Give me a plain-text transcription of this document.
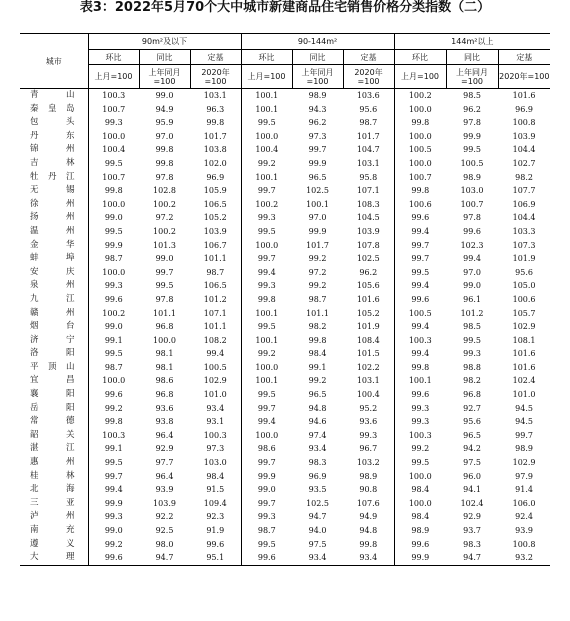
表3：2022年5月70个大中城市新建商品住宅销售价格分类指数（二）
城市	90m²及以下			90-144m²			144m²以上		
	环比	同比	定基	环比	同比	定基	环比	同比	定基
	上月=100	上年同月=100	2020年=100	上月=100	上年同月=100	2020年=100	上月=100	上年同月=100	2020年=100
青山	100.3	99.0	103.1	100.1	98.9	103.6	100.2	98.5	101.6
秦皇岛	100.7	94.9	96.3	100.1	94.3	95.6	100.0	96.2	96.9
包头	99.3	95.9	99.8	99.5	96.2	98.7	99.8	97.8	100.8
丹东	100.0	97.0	101.7	100.0	97.3	101.7	100.0	99.9	103.9
锦州	100.4	99.8	103.8	100.4	99.7	104.7	100.5	99.5	104.4
吉林	99.5	99.8	102.0	99.2	99.9	103.1	100.0	100.5	102.7
牡丹江	100.7	97.8	96.9	100.1	96.5	95.8	100.7	98.9	98.2
无锡	99.8	102.8	105.9	99.7	102.5	107.1	99.8	103.0	107.7
徐州	100.0	100.2	106.5	100.2	100.1	108.3	100.6	100.7	106.9
扬州	99.0	97.2	105.2	99.3	97.0	104.5	99.6	97.8	104.4
温州	99.5	100.2	103.9	99.5	99.9	103.9	99.4	99.6	103.3
金华	99.9	101.3	106.7	100.0	101.7	107.8	99.7	102.3	107.3
蚌埠	98.7	99.0	101.1	99.7	99.2	102.5	99.7	99.4	101.9
安庆	100.0	99.7	98.7	99.4	97.2	96.2	99.5	97.0	95.6
泉州	99.3	99.5	106.5	99.3	99.2	105.6	99.4	99.0	105.0
九江	99.6	97.8	101.2	99.8	98.7	101.6	99.6	96.1	100.6
赣州	100.2	101.1	107.1	100.1	101.1	105.2	100.5	101.2	105.7
烟台	99.0	96.8	101.1	99.5	98.2	101.9	99.4	98.5	102.9
济宁	99.1	100.0	108.2	100.1	99.8	108.4	100.3	99.5	108.1
洛阳	99.5	98.1	99.4	99.2	98.4	101.5	99.4	99.3	101.6
平顶山	98.7	98.1	100.5	100.0	99.1	102.2	99.8	98.8	101.6
宜昌	100.0	98.6	102.9	100.1	99.2	103.1	100.1	98.2	102.4
襄阳	99.6	96.8	101.0	99.5	96.5	100.4	99.6	96.8	101.0
岳阳	99.2	93.6	93.4	99.7	94.8	95.2	99.3	92.7	94.5
常德	99.8	93.8	93.1	99.4	94.6	93.6	99.3	95.6	94.5
韶关	100.3	96.4	100.3	100.0	97.4	99.3	100.3	96.5	99.7
湛江	99.1	92.9	97.3	98.6	93.4	96.7	99.2	94.2	98.9
惠州	99.5	97.7	103.0	99.7	98.3	103.2	99.5	97.5	102.9
桂林	99.7	96.4	98.4	99.9	96.9	98.9	100.0	96.0	97.9
北海	99.4	93.9	91.5	99.0	93.5	90.8	98.4	94.1	91.4
三亚	99.9	103.9	109.4	99.7	102.5	107.6	100.0	102.4	106.0
泸州	99.3	92.2	92.3	99.3	94.7	94.9	98.4	92.9	92.4
南充	99.0	92.5	91.9	98.7	94.0	94.8	98.9	93.7	93.9
遵义	99.2	98.0	99.6	99.5	97.5	99.8	99.6	98.3	100.8
大理	99.6	94.7	95.1	99.6	93.4	93.4	99.9	94.7	93.2
